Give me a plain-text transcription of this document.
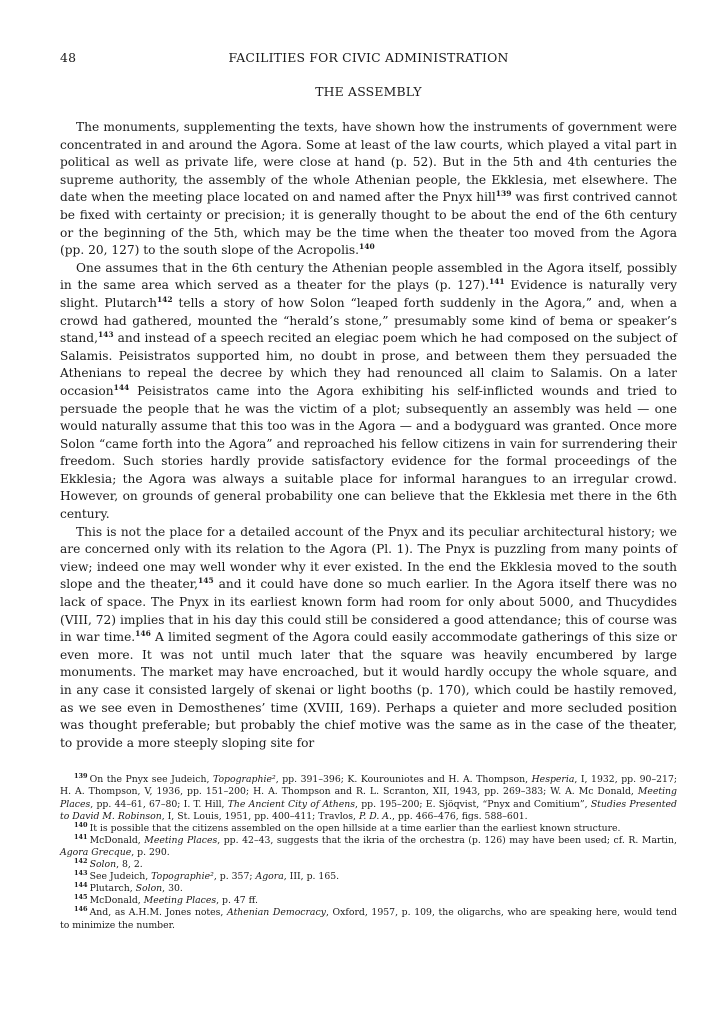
48	FACILITIES FOR CIVIC ADMINISTRATION
THE ASSEMBLY

The monuments, supplementing the texts, have shown how the instruments of government were concentrated in and around the Agora. Some at least of the law courts, which played a vital part in political as well as private life, were close at hand (p. 52). But in the 5th and 4th centuries the supreme authority, the assembly of the whole Athenian people, the Ekklesia, met elsewhere. The date when the meeting place located on and named after the Pnyx hill$^{139}$ was first contrived cannot be fixed with certainty or precision; it is generally thought to be about the end of the 6th century or the beginning of the 5th, which may be the time when the theater too moved from the Agora (pp. 20, 127) to the south slope of the Acropolis.$^{140}$

One assumes that in the 6th century the Athenian people assembled in the Agora itself, possibly in the same area which served as a theater for the plays (p. 127).$^{141}$ Evidence is naturally very slight. Plutarch$^{142}$ tells a story of how Solon “leaped forth suddenly in the Agora,” and, when a crowd had gathered, mounted the “herald’s stone,” presumably some kind of bema or speaker’s stand,$^{143}$ and instead of a speech recited an elegiac poem which he had composed on the subject of Salamis. Peisistratos supported him, no doubt in prose, and between them they persuaded the Athenians to repeal the decree by which they had renounced all claim to Salamis. On a later occasion$^{144}$ Peisistratos came into the Agora exhibiting his self-inflicted wounds and tried to persuade the people that he was the victim of a plot; subsequently an assembly was held — one would naturally assume that this too was in the Agora — and a bodyguard was granted. Once more Solon “came forth into the Agora” and reproached his fellow citizens in vain for surrendering their freedom. Such stories hardly provide satisfactory evidence for the formal proceedings of the Ekklesia; the Agora was always a suitable place for informal harangues to an irregular crowd. However, on grounds of general probability one can believe that the Ekklesia met there in the 6th century.

This is not the place for a detailed account of the Pnyx and its peculiar architectural history; we are concerned only with its relation to the Agora (Pl. 1). The Pnyx is puzzling from many points of view; indeed one may well wonder why it ever existed. In the end the Ekklesia moved to the south slope and the theater,$^{145}$ and it could have done so much earlier. In the Agora itself there was no lack of space. The Pnyx in its earliest known form had room for only about 5000, and Thucydides (VIII, 72) implies that in his day this could still be considered a good attendance; this of course was in war time.$^{146}$ A limited segment of the Agora could easily accommodate gatherings of this size or even more. It was not until much later that the square was heavily encumbered by large monuments. The market may have encroached, but it would hardly occupy the whole square, and in any case it consisted largely of skenai or light booths (p. 170), which could be hastily removed, as we see even in Demosthenes’ time (XVIII, 169). Perhaps a quieter and more secluded position was thought preferable; but probably the chief motive was the same as in the case of the theater, to provide a more steeply sloping site for

$^{139}$ On the Pnyx see Judeich, Topographie², pp. 391–396; K. Kourouniotes and H. A. Thompson, Hesperia, I, 1932, pp. 90–217; H. A. Thompson, V, 1936, pp. 151–200; H. A. Thompson and R. L. Scranton, XII, 1943, pp. 269–383; W. A. Mc Donald, Meeting Places, pp. 44–61, 67–80; I. T. Hill, The Ancient City of Athens, pp. 195–200; E. Sjöqvist, “Pnyx and Comitium”, Studies Presented to David M. Robinson, I, St. Louis, 1951, pp. 400–411; Travlos, P. D. A., pp. 466–476, figs. 588–601.

$^{140}$ It is possible that the citizens assembled on the open hillside at a time earlier than the earliest known structure.

$^{141}$ McDonald, Meeting Places, pp. 42–43, suggests that the ikria of the orchestra (p. 126) may have been used; cf. R. Martin, Agora Grecque, p. 290.

$^{142}$ Solon, 8, 2.

$^{143}$ See Judeich, Topographie², p. 357; Agora, III, p. 165.

$^{144}$ Plutarch, Solon, 30.

$^{145}$ McDonald, Meeting Places, p. 47 ff.

$^{146}$ And, as A.H.M. Jones notes, Athenian Democracy, Oxford, 1957, p. 109, the oligarchs, who are speaking here, would tend to minimize the number.
